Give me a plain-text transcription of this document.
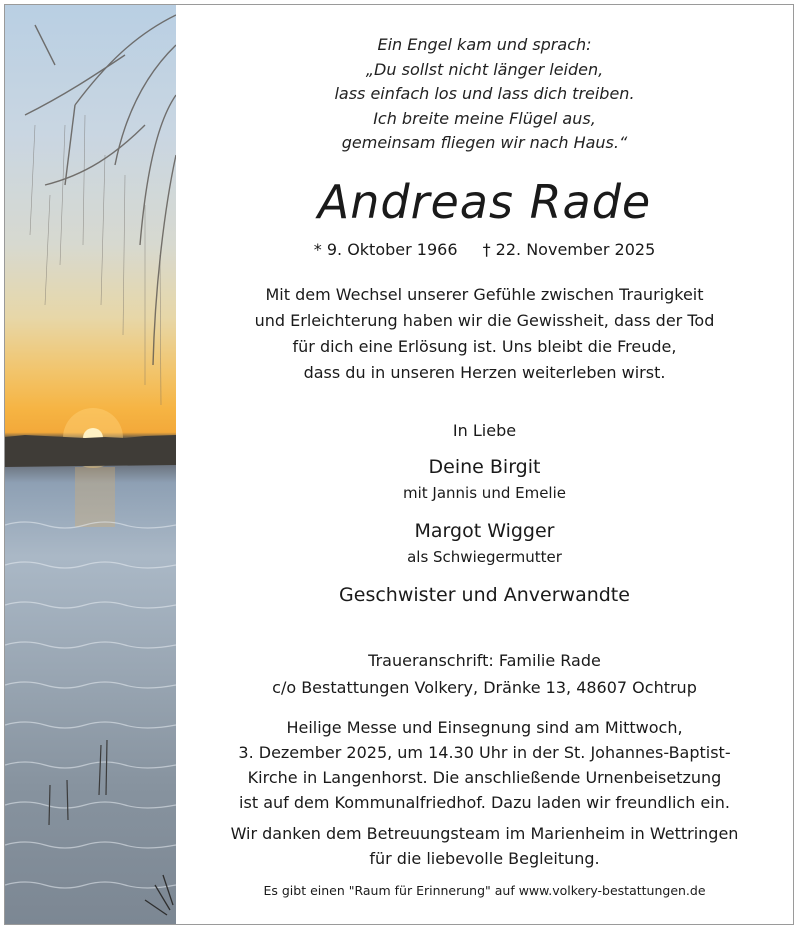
Ein Engel kam und sprach:
„Du sollst nicht länger leiden,
lass einfach los und lass dich treiben.
Ich breite meine Flügel aus,
gemeinsam fliegen wir nach Haus.“
Andreas Rade
* 9. Oktober 1966 † 22. November 2025
Mit dem Wechsel unserer Gefühle zwischen Traurigkeit
und Erleichterung haben wir die Gewissheit, dass der Tod
für dich eine Erlösung ist. Uns bleibt die Freude,
dass du in unseren Herzen weiterleben wirst.
In Liebe
Deine Birgit
mit Jannis und Emelie
Margot Wigger
als Schwiegermutter
Geschwister und Anverwandte
Traueranschrift: Familie Rade
c/o Bestattungen Volkery, Dränke 13, 48607 Ochtrup
Heilige Messe und Einsegnung sind am Mittwoch,
3. Dezember 2025, um 14.30 Uhr in der St. Johannes-Baptist-
Kirche in Langenhorst. Die anschließende Urnenbeisetzung
ist auf dem Kommunalfriedhof. Dazu laden wir freundlich ein.
Wir danken dem Betreuungsteam im Marienheim in Wettringen
für die liebevolle Begleitung.
Es gibt einen "Raum für Erinnerung" auf www.volkery-bestattungen.de
